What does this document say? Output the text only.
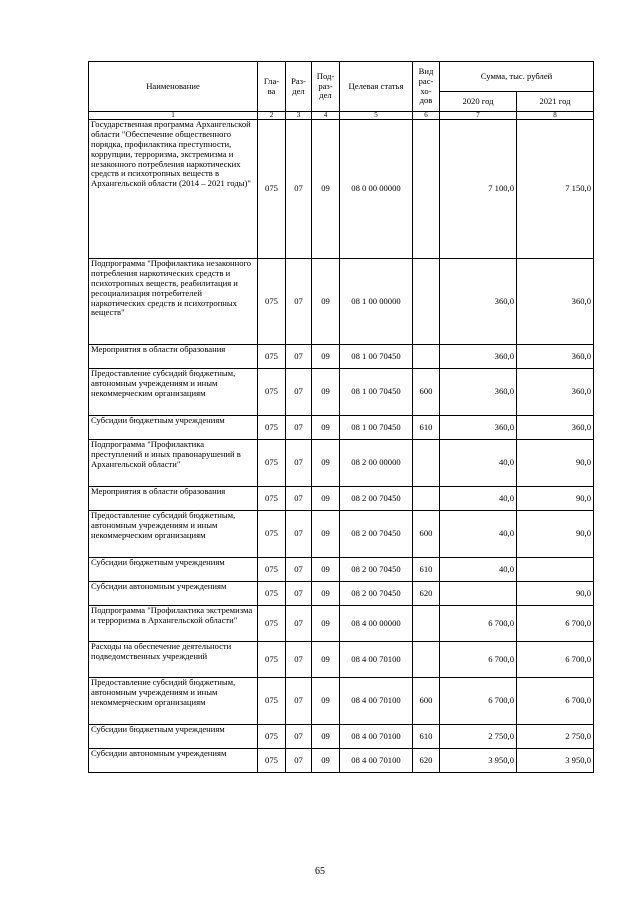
Наименование	Гла-ва	Раз-дел	Под-раз-дел	Целевая статья	Вид рас-хо-дов	Сумма, тыс. рублей	
						2020 год	2021 год
1	2	3	4	5	6	7	8
Государственная программа Архангельской области "Обеспечение общественного порядка, профилактика преступности, коррупции, терроризма, экстремизма и незаконного потребления наркотических средств и психотропных веществ в Архангельской области (2014 – 2021 годы)"	075	07	09	08 0 00 00000		7 100,0	7 150,0
Подпрограмма "Профилактика незаконного потребления наркотических средств и психотропных веществ, реабилитация и ресоциализация потребителей наркотических средств и психотропных веществ"	075	07	09	08 1 00 00000		360,0	360,0
Мероприятия в области образования	075	07	09	08 1 00 70450		360,0	360,0
Предоставление субсидий бюджетным, автономным учреждениям и иным некоммерческим организациям	075	07	09	08 1 00 70450	600	360,0	360,0
Субсидии бюджетным учреждениям	075	07	09	08 1 00 70450	610	360,0	360,0
Подпрограмма "Профилактика преступлений и иных правонарушений в Архангельской области"	075	07	09	08 2 00 00000		40,0	90,0
Мероприятия в области образования	075	07	09	08 2 00 70450		40,0	90,0
Предоставление субсидий бюджетным, автономным учреждениям и иным некоммерческим организациям	075	07	09	08 2 00 70450	600	40,0	90,0
Субсидии бюджетным учреждениям	075	07	09	08 2 00 70450	610	40,0	
Субсидии автономным учреждениям	075	07	09	08 2 00 70450	620		90,0
Подпрограмма "Профилактика экстремизма и терроризма в Архангельской области"	075	07	09	08 4 00 00000		6 700,0	6 700,0
Расходы на обеспечение деятельности подведомственных учреждений	075	07	09	08 4 00 70100		6 700,0	6 700,0
Предоставление субсидий бюджетным, автономным учреждениям и иным некоммерческим организациям	075	07	09	08 4 00 70100	600	6 700,0	6 700,0
Субсидии бюджетным учреждениям	075	07	09	08 4 00 70100	610	2 750,0	2 750,0
Субсидии автономным учреждениям	075	07	09	08 4 00 70100	620	3 950,0	3 950,0
65
